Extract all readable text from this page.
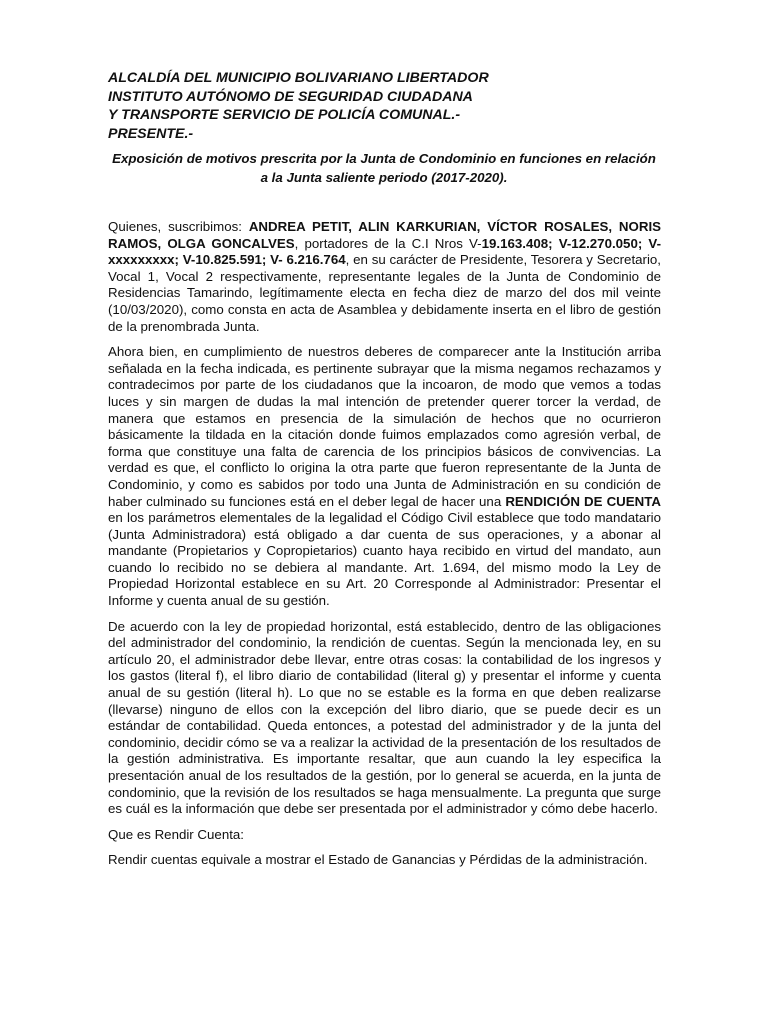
ALCALDÍA DEL MUNICIPIO BOLIVARIANO LIBERTADOR
INSTITUTO AUTÓNOMO DE SEGURIDAD CIUDADANA
Y TRANSPORTE SERVICIO DE POLICÍA COMUNAL.-
PRESENTE.-
Exposición de motivos prescrita por la Junta de Condominio en funciones en relación a la Junta saliente periodo (2017-2020).

Quienes, suscribimos: ANDREA PETIT, ALIN KARKURIAN, VÍCTOR ROSALES, NORIS RAMOS, OLGA GONCALVES, portadores de la C.I Nros V-19.163.408; V-12.270.050; V-xxxxxxxxx; V-10.825.591; V- 6.216.764, en su carácter de Presidente, Tesorera y Secretario, Vocal 1, Vocal 2 respectivamente, representante legales de la Junta de Condominio de Residencias Tamarindo, legítimamente electa en fecha diez de marzo del dos mil veinte (10/03/2020), como consta en acta de Asamblea y debidamente inserta en el libro de gestión de la prenombrada Junta.

Ahora bien, en cumplimiento de nuestros deberes de comparecer ante la Institución arriba señalada en la fecha indicada, es pertinente subrayar que la misma negamos rechazamos y contradecimos por parte de los ciudadanos que la incoaron, de modo que vemos a todas luces y sin margen de dudas la mal intención de pretender querer torcer la verdad, de manera que estamos en presencia de la simulación de hechos que no ocurrieron básicamente la tildada en la citación donde fuimos emplazados como agresión verbal, de forma que constituye una falta de carencia de los principios básicos de convivencias. La verdad es que, el conflicto lo origina la otra parte que fueron representante de la Junta de Condominio, y como es sabidos por todo una Junta de Administración en su condición de haber culminado su funciones está en el deber legal de hacer una RENDICIÓN DE CUENTA en los parámetros elementales de la legalidad el Código Civil establece que todo mandatario (Junta Administradora) está obligado a dar cuenta de sus operaciones, y a abonar al mandante (Propietarios y Copropietarios) cuanto haya recibido en virtud del mandato, aun cuando lo recibido no se debiera al mandante. Art. 1.694, del mismo modo la Ley de Propiedad Horizontal establece en su Art. 20 Corresponde al Administrador: Presentar el Informe y cuenta anual de su gestión.

De acuerdo con la ley de propiedad horizontal, está establecido, dentro de las obligaciones del administrador del condominio, la rendición de cuentas. Según la mencionada ley, en su artículo 20, el administrador debe llevar, entre otras cosas: la contabilidad de los ingresos y los gastos (literal f), el libro diario de contabilidad (literal g) y presentar el informe y cuenta anual de su gestión (literal h). Lo que no se estable es la forma en que deben realizarse (llevarse) ninguno de ellos con la excepción del libro diario, que se puede decir es un estándar de contabilidad. Queda entonces, a potestad del administrador y de la junta del condominio, decidir cómo se va a realizar la actividad de la presentación de los resultados de la gestión administrativa. Es importante resaltar, que aun cuando la ley especifica la presentación anual de los resultados de la gestión, por lo general se acuerda, en la junta de condominio, que la revisión de los resultados se haga mensualmente. La pregunta que surge es cuál es la información que debe ser presentada por el administrador y cómo debe hacerlo.

Que es Rendir Cuenta:

Rendir cuentas equivale a mostrar el Estado de Ganancias y Pérdidas de la administración.
